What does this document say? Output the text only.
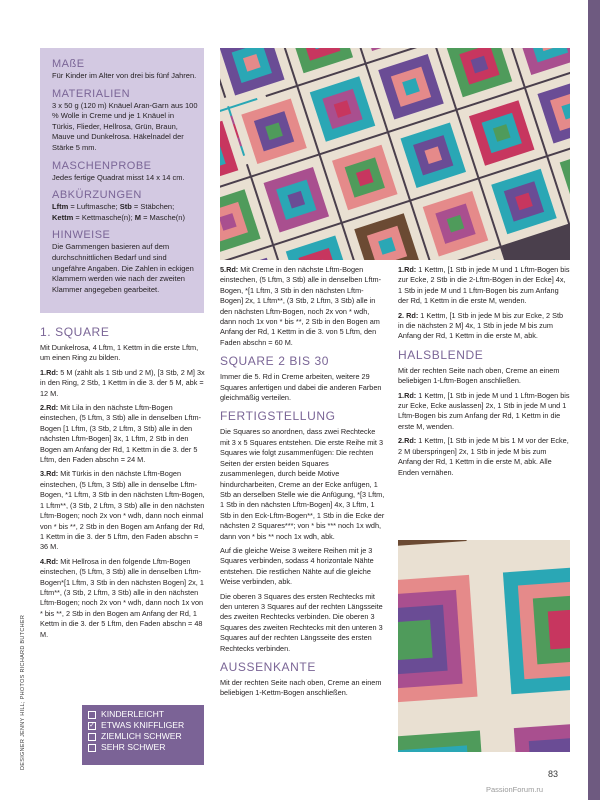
MAßE

Für Kinder im Alter von drei bis fünf Jahren.

MATERIALIEN

3 x 50 g (120 m) Knäuel Aran-Garn aus 100 % Wolle in Creme und je 1 Knäuel in Türkis, Flieder, Hellrosa, Grün, Braun, Mauve und Dunkelrosa. Häkelnadel der Stärke 5 mm.

MASCHENPROBE

Jedes fertige Quadrat misst 14 x 14 cm.

ABKÜRZUNGEN

Lftm = Luftmasche; Stb = Stäbchen;
Kettm = Kettmasche(n); M = Masche(n)

HINWEISE

Die Garnmengen basieren auf dem durchschnittlichen Bedarf und sind ungefähre Angaben. Die Zahlen in eckigen Klammern werden wie nach der zweiten Klammer angegeben gearbeitet.

1. SQUARE

Mit Dunkelrosa, 4 Lftm, 1 Kettm in die erste Lftm, um einen Ring zu bilden.

1.Rd: 5 M (zählt als 1 Stb und 2 M), [3 Stb, 2 M] 3x in den Ring, 2 Stb, 1 Kettm in die 3. der 5 M, abk = 12 M.

2.Rd: Mit Lila in den nächste Lftm-Bogen einstechen, (5 Lftm, 3 Stb) alle in denselben Lftm-Bogen [1 Lftm, (3 Stb, 2 Lftm, 3 Stb) alle in den nächsten Lftm-Bogen] 3x, 1 Lftm, 2 Stb in den Bogen am Anfang der Rd, 1 Kettm in die 3. der 5 Lftm, den Faden abschn = 24 M.

3.Rd: Mit Türkis in den nächste Lftm-Bogen einstechen, (5 Lftm, 3 Stb) alle in denselbe Lftm-Bogen, *1 Lftm, 3 Stb in den nächsten Lftm-Bogen, 1 Lftm**, (3 Stb, 2 Lftm, 3 Stb) alle in den nächsten Lftm-Bogen; noch 2x von * wdh, dann noch einmal von * bis **, 2 Stb in den Bogen am Anfang der Rd, 1 Kettm in die 3. der 5 Lftm, den Faden abschn = 36 M.

4.Rd: Mit Hellrosa in den folgende Lftm-Bogen einstechen, (5 Lftm, 3 Stb) alle in denselben Lftm-Bogen*[1 Lftm, 3 Stb in den nächsten Bogen] 2x, 1 Lftm**, (3 Stb, 2 Lftm, 3 Stb) alle in den nächsten Lftm-Bogen; noch 2x von * wdh, dann noch 1x von * bis **, 2 Stb in den Bogen am Anfang der Rd, 1 Kettm in die 3. der 5 Lftm, den Faden abschn = 48 M.

5.Rd: Mit Creme in den nächste Lftm-Bogen einstechen, (5 Lftm, 3 Stb) alle in denselben Lftm-Bogen, *[1 Lftm, 3 Stb in den nächsten Lftm-Bogen] 2x, 1 Lftm**, (3 Stb, 2 Lftm, 3 Stb) alle in den nächsten Lftm-Bogen, noch 2x von * wdh, dann noch 1x von * bis **, 2 Stb in den Bogen am Anfang der Rd, 1 Kettm in die 3. von 5 Lftm, den Faden abschn = 60 M.

SQUARE 2 BIS 30

Immer die 5. Rd in Creme arbeiten, weitere 29 Squares anfertigen und dabei die anderen Farben gleichmäßig verteilen.

FERTIGSTELLUNG

Die Squares so anordnen, dass zwei Rechtecke mit 3 x 5 Squares entstehen. Die erste Reihe mit 3 Squares wie folgt zusammenfügen: Die rechten Seiten der ersten beiden Squares zusammenlegen, durch beide Motive hindurcharbeiten, Creme an der Ecke anfügen, 1 Stb an derselben Stelle wie die Anfügung, *[3 Lftm, 1 Stb in den nächsten Lftm-Bogen] 4x, 3 Lftm, 1 Stb in den Eck-Lftm-Bogen**, 1 Stb in die Ecke der nächsten 2 Squares***; von * bis *** noch 1x wdh, dann von * bis ** noch 1x wdh, abk.

Auf die gleiche Weise 3 weitere Reihen mit je 3 Squares verbinden, sodass 4 horizontale Nähte entstehen. Die restlichen Nähte auf die gleiche Weise verbinden, abk.

Die oberen 3 Squares des ersten Rechtecks mit den unteren 3 Squares auf der rechten Längsseite des zweiten Rechtecks verbinden. Die oberen 3 Squares des zweiten Rechtecks mit den unteren 3 Squares auf der rechten Längsseite des ersten Rechtecks verbinden.

AUSSENKANTE

Mit der rechten Seite nach oben, Creme an einem beliebigen 1-Kettm-Bogen anschließen.

1.Rd: 1 Kettm, [1 Stb in jede M und 1 Lftm-Bogen bis zur Ecke, 2 Stb in die 2-Lftm-Bögen in der Ecke] 4x, 1 Stb in jede M und 1 Lftm-Bogen bis zum Anfang der Rd, 1 Kettm in die erste M, wenden.

2. Rd: 1 Kettm, [1 Stb in jede M bis zur Ecke, 2 Stb in die nächsten 2 M] 4x, 1 Stb in jede M bis zum Anfang der Rd, 1 Kettm in die erste M, abk.

HALSBLENDE

Mit der rechten Seite nach oben, Creme an einem beliebigen 1-Lftm-Bogen anschließen.

1.Rd: 1 Kettm, [1 Stb in jede M und 1 Lftm-Bogen bis zur Ecke, Ecke auslassen] 2x, 1 Stb in jede M und 1 Lftm-Bogen bis zum Anfang der Rd, 1 Kettm in die erste M, wenden.

2.Rd: 1 Kettm, [1 Stb in jede M bis 1 M vor der Ecke, 2 M überspringen] 2x, 1 Stb in jede M bis zum Anfang der Rd, 1 Kettm in die erste M, abk. Alle Enden vernähen.

KINDERLEICHT
✓ ETWAS KNIFFLIGER
ZIEMLICH SCHWER
SEHR SCHWER
DESIGNER JENNY HILL; PHOTOS RICHARD BUTCHER
83
PassionForum.ru
